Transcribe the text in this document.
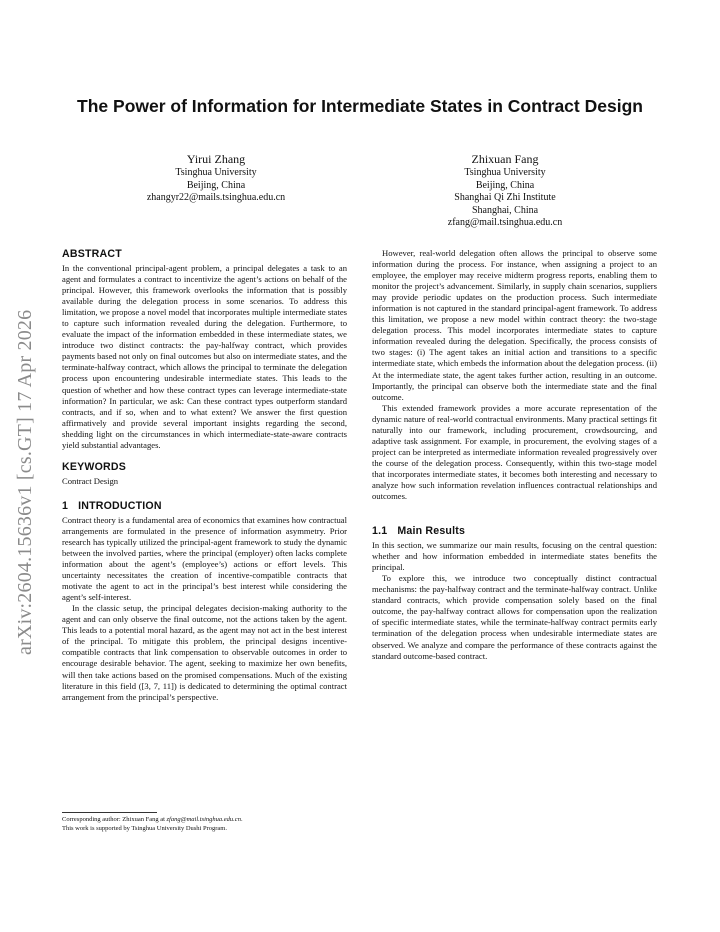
arXiv:2604.15636v1 [cs.GT] 17 Apr 2026
The Power of Information for Intermediate States in Contract Design
Yirui Zhang
Tsinghua University
Beijing, China
zhangyr22@mails.tsinghua.edu.cn
Zhixuan Fang
Tsinghua University
Beijing, China
Shanghai Qi Zhi Institute
Shanghai, China
zfang@mail.tsinghua.edu.cn
ABSTRACT

In the conventional principal-agent problem, a principal delegates a task to an agent and formulates a contract to incentivize the agent’s actions on behalf of the principal. However, this framework overlooks the information that is possibly available during the delegation process in some scenarios. To address this limitation, we propose a novel model that incorporates multiple intermediate states to capture such information revealed during the delegation. Furthermore, to evaluate the impact of the information embedded in these intermediate states, we introduce two distinct contracts: the pay-halfway contract, which provides payments based not only on final outcomes but also on intermediate states, and the terminate-halfway contract, which allows the principal to terminate the delegation process upon encountering undesirable intermediate states. This leads to the question of whether and how these contract types can leverage intermediate-state information? In particular, we ask: Can these contract types outperform standard contracts, and if so, when and to what extent? We answer the first question affirmatively and provide several important insights regarding the second, shedding light on the circumstances in which intermediate-state-aware contracts yield substantial advantages.

KEYWORDS

Contract Design

1 INTRODUCTION

Contract theory is a fundamental area of economics that examines how contractual arrangements are formulated in the presence of information asymmetry. Prior research has typically utilized the principal-agent framework to study the dynamic between the involved parties, where the principal (employer) often lacks complete information about the agent’s (employee’s) actions or effort levels. This uncertainty necessitates the creation of incentive-compatible contracts that motivate the agent to act in the principal’s best interest while considering the agent’s self-interest.

In the classic setup, the principal delegates decision-making authority to the agent and can only observe the final outcome, not the actions taken by the agent. This leads to a potential moral hazard, as the agent may not act in the best interest of the principal. To mitigate this problem, the principal designs incentive-compatible contracts that link compensation to observable outcomes in order to encourage desirable behavior. The agent, seeking to maximize her own benefits, will then take actions based on the promised compensations. Much of the existing literature in this field ([3, 7, 11]) is dedicated to determining the optimal contract arrangement from the principal’s perspective.

However, real-world delegation often allows the principal to observe some information during the process. For instance, when assigning a project to an employee, the employer may receive midterm progress reports, enabling them to monitor the project’s advancement. Similarly, in supply chain scenarios, suppliers may provide periodic updates on the production process. Such intermediate information is not captured in the standard principal-agent framework. To address this limitation, we propose a new model within contract theory: the two-stage delegation process. This model incorporates intermediate states to capture information revealed during the delegation. Specifically, the process consists of two stages: (i) The agent takes an initial action and transitions to a specific intermediate state, which embeds the information about the delegation process. (ii) At the intermediate state, the agent takes further action, resulting in an outcome. Importantly, the principal can observe both the intermediate state and the final outcome.

This extended framework provides a more accurate representation of the dynamic nature of real-world contractual environments. Many practical settings fit naturally into our framework, including procurement, crowdsourcing, and adaptive task assignment. For example, in procurement, the evolving stages of a project can be interpreted as intermediate information revealed progressively over the course of the delegation process. Consequently, within this two-stage model that incorporates intermediate states, it becomes both interesting and necessary to analyze how such information revelation influences contractual relationships and outcomes.

1.1 Main Results

In this section, we summarize our main results, focusing on the central question: whether and how information embedded in intermediate states benefits the principal.

To explore this, we introduce two conceptually distinct contractual mechanisms: the pay-halfway contract and the terminate-halfway contract. Unlike standard contracts, which provide compensation solely based on the final outcome, the pay-halfway contract allows for compensation upon the realization of specific intermediate states, while the terminate-halfway contract permits early termination of the delegation process when undesirable intermediate states are observed. We analyze and compare the performance of these contracts against the standard outcome-based contract.

Corresponding author: Zhixuan Fang at zfang@mail.tsinghua.edu.cn.
This work is supported by Tsinghua University Dushi Program.
